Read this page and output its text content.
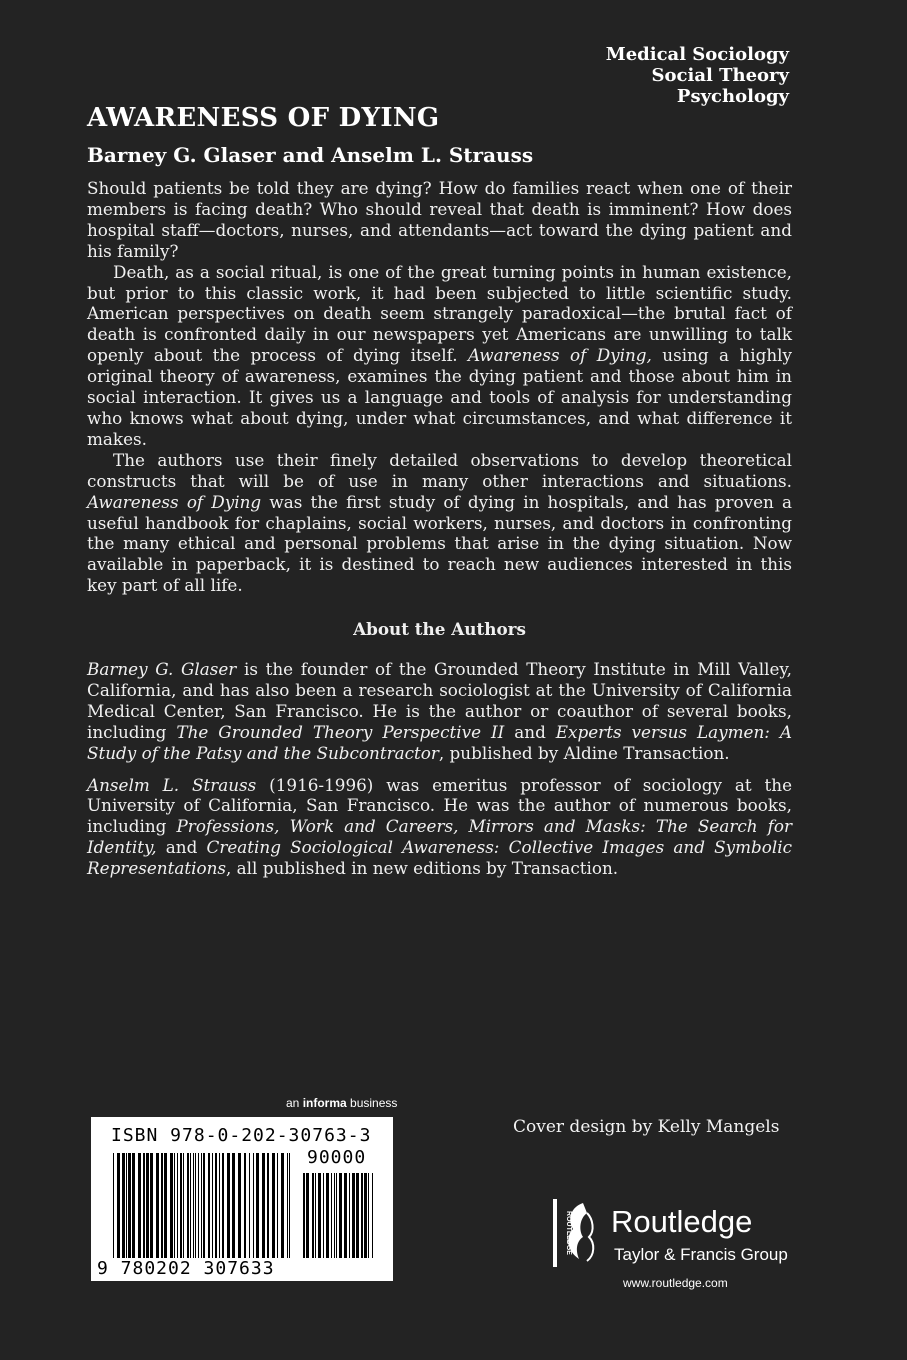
Medical Sociology
Social Theory
Psychology
AWARENESS OF DYING
Barney G. Glaser and Anselm L. Strauss

Should patients be told they are dying? How do families react when one of their members is facing death? Who should reveal that death is imminent? How does hospital staff—doctors, nurses, and attendants—act toward the dying patient and his family?

Death, as a social ritual, is one of the great turning points in human existence, but prior to this classic work, it had been subjected to little scientific study. American perspectives on death seem strangely paradoxical—the brutal fact of death is confronted daily in our newspapers yet Americans are unwilling to talk openly about the process of dying itself. Awareness of Dying, using a highly original theory of awareness, examines the dying patient and those about him in social interaction. It gives us a language and tools of analysis for understanding who knows what about dying, under what circumstances, and what difference it makes.

The authors use their finely detailed observations to develop theoretical constructs that will be of use in many other interactions and situations. Awareness of Dying was the first study of dying in hospitals, and has proven a useful handbook for chaplains, social workers, nurses, and doctors in confronting the many ethical and personal problems that arise in the dying situation. Now available in paperback, it is destined to reach new audiences interested in this key part of all life.

About the Authors

Barney G. Glaser is the founder of the Grounded Theory Institute in Mill Valley, California, and has also been a research sociologist at the University of California Medical Center, San Francisco. He is the author or coauthor of several books, including The Grounded Theory Perspective II and Experts versus Laymen: A Study of the Patsy and the Subcontractor, published by Aldine Transaction.

Anselm L. Strauss (1916-1996) was emeritus professor of sociology at the University of California, San Francisco. He was the author of numerous books, including Professions, Work and Careers, Mirrors and Masks: The Search for Identity, and Creating Sociological Awareness: Collective Images and Symbolic Representations, all published in new editions by Transaction.

an informa business
ISBN 978-0-202-30763-3
90000
9 780202 307633
Cover design by Kelly Mangels
ROUTLEDGE Routledge
Taylor & Francis Group
www.routledge.com
